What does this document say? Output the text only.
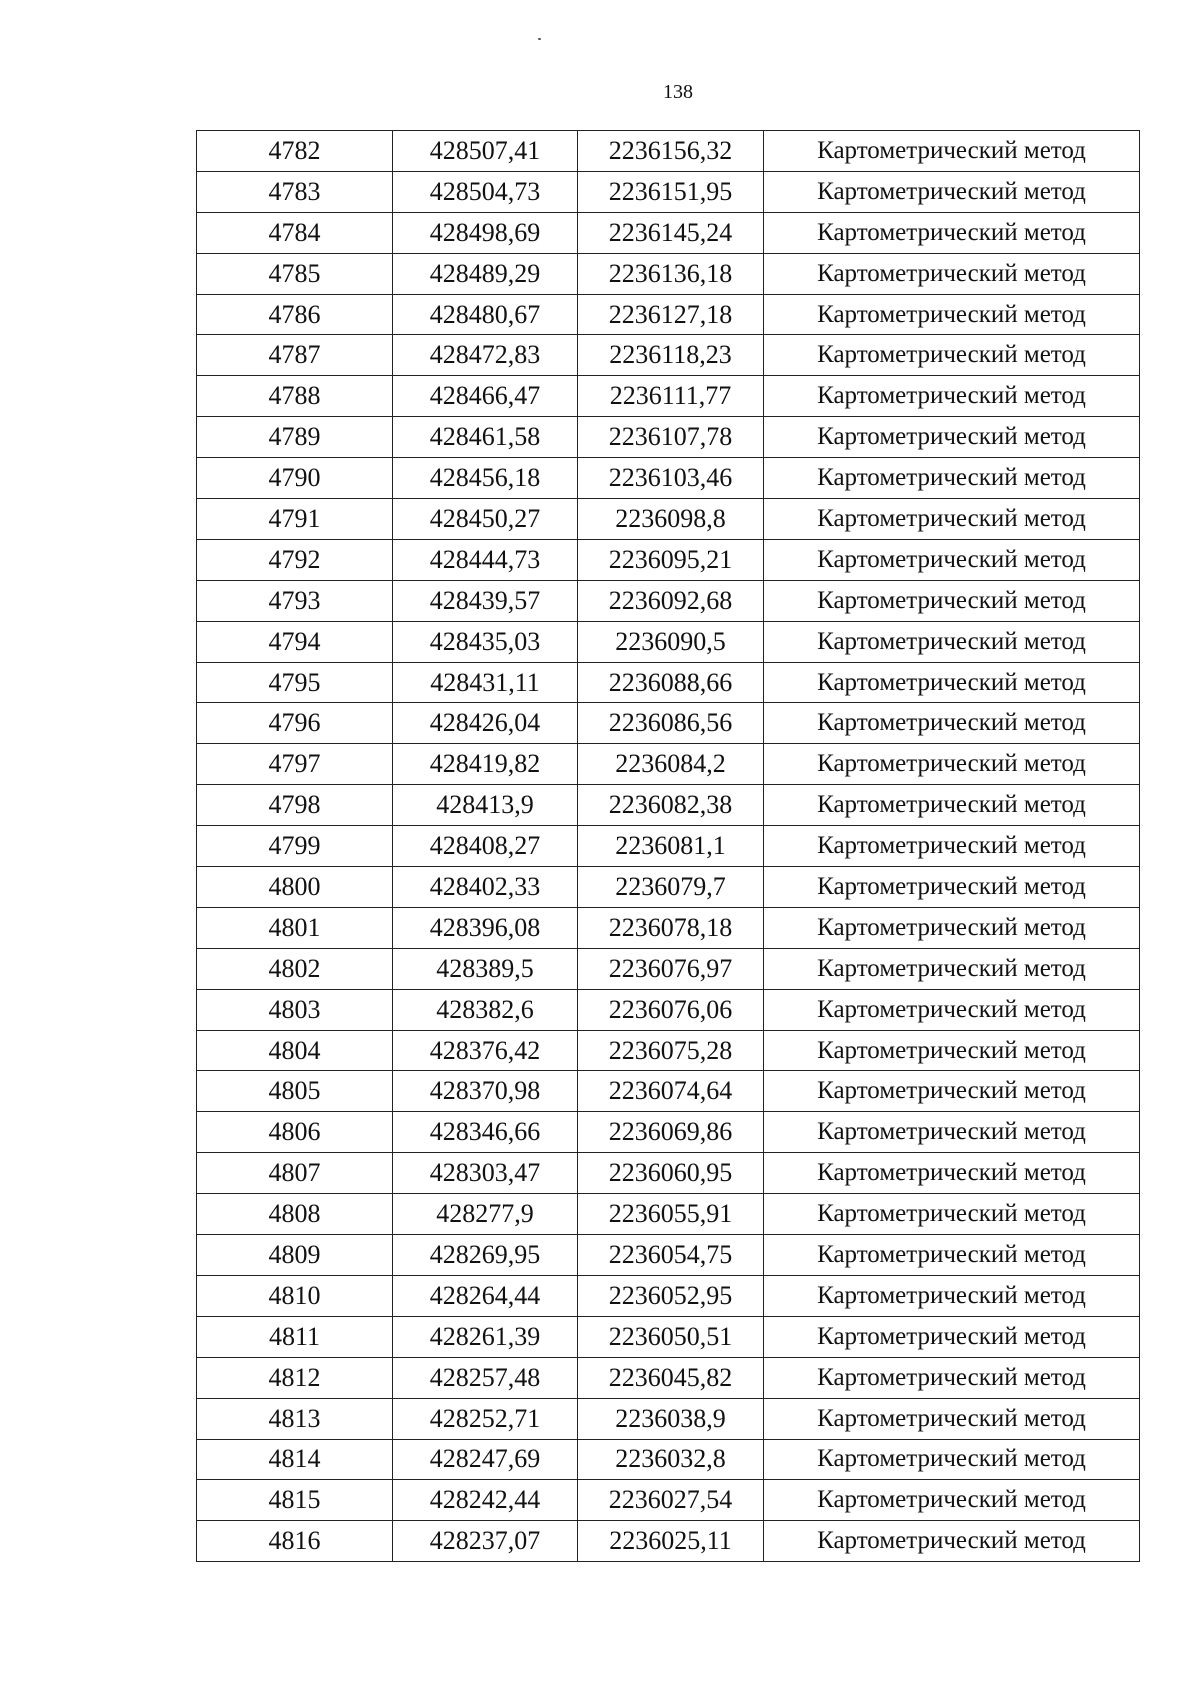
138
4782	428507,41	2236156,32	Картометрический метод
4783	428504,73	2236151,95	Картометрический метод
4784	428498,69	2236145,24	Картометрический метод
4785	428489,29	2236136,18	Картометрический метод
4786	428480,67	2236127,18	Картометрический метод
4787	428472,83	2236118,23	Картометрический метод
4788	428466,47	2236111,77	Картометрический метод
4789	428461,58	2236107,78	Картометрический метод
4790	428456,18	2236103,46	Картометрический метод
4791	428450,27	2236098,8	Картометрический метод
4792	428444,73	2236095,21	Картометрический метод
4793	428439,57	2236092,68	Картометрический метод
4794	428435,03	2236090,5	Картометрический метод
4795	428431,11	2236088,66	Картометрический метод
4796	428426,04	2236086,56	Картометрический метод
4797	428419,82	2236084,2	Картометрический метод
4798	428413,9	2236082,38	Картометрический метод
4799	428408,27	2236081,1	Картометрический метод
4800	428402,33	2236079,7	Картометрический метод
4801	428396,08	2236078,18	Картометрический метод
4802	428389,5	2236076,97	Картометрический метод
4803	428382,6	2236076,06	Картометрический метод
4804	428376,42	2236075,28	Картометрический метод
4805	428370,98	2236074,64	Картометрический метод
4806	428346,66	2236069,86	Картометрический метод
4807	428303,47	2236060,95	Картометрический метод
4808	428277,9	2236055,91	Картометрический метод
4809	428269,95	2236054,75	Картометрический метод
4810	428264,44	2236052,95	Картометрический метод
4811	428261,39	2236050,51	Картометрический метод
4812	428257,48	2236045,82	Картометрический метод
4813	428252,71	2236038,9	Картометрический метод
4814	428247,69	2236032,8	Картометрический метод
4815	428242,44	2236027,54	Картометрический метод
4816	428237,07	2236025,11	Картометрический метод
